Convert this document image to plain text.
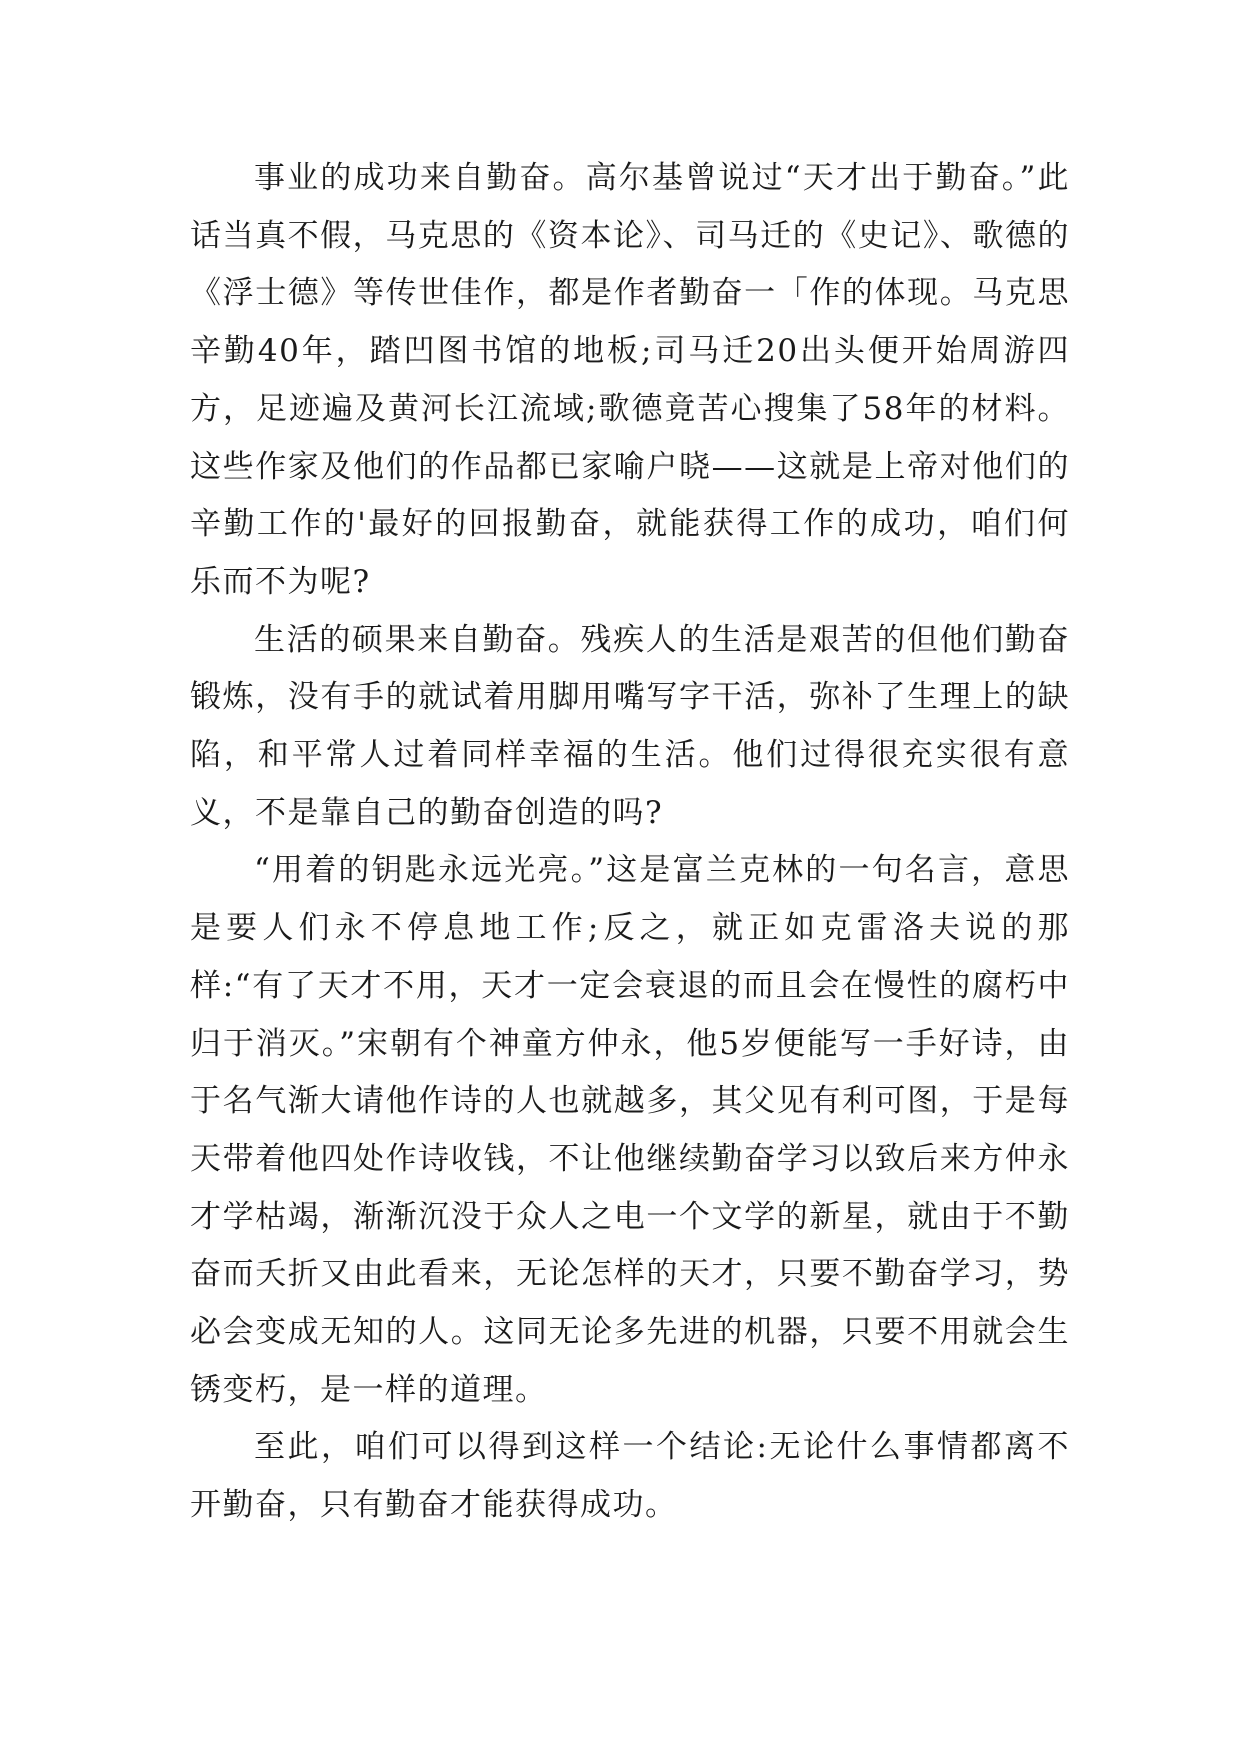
事业的成功来自勤奋。高尔基曾说过“天才出于勤奋。”此话当真不假，马克思的《资本论》、司马迁的《史记》、歌德的《浮士德》等传世佳作，都是作者勤奋一「作的体现。马克思辛勤40年，踏凹图书馆的地板;司马迁20出头便开始周游四方，足迹遍及黄河长江流域;歌德竟苦心搜集了58年的材料。这些作家及他们的作品都已家喻户晓——这就是上帝对他们的辛勤工作的'最好的回报勤奋，就能获得工作的成功，咱们何乐而不为呢?

生活的硕果来自勤奋。残疾人的生活是艰苦的但他们勤奋锻炼，没有手的就试着用脚用嘴写字干活，弥补了生理上的缺陷，和平常人过着同样幸福的生活。他们过得很充实很有意义，不是靠自己的勤奋创造的吗?

“用着的钥匙永远光亮。”这是富兰克林的一句名言，意思是要人们永不停息地工作;反之，就正如克雷洛夫说的那样:“有了天才不用，天才一定会衰退的而且会在慢性的腐朽中归于消灭。”宋朝有个神童方仲永，他5岁便能写一手好诗，由于名气渐大请他作诗的人也就越多，其父见有利可图，于是每天带着他四处作诗收钱，不让他继续勤奋学习以致后来方仲永才学枯竭，渐渐沉没于众人之电一个文学的新星，就由于不勤奋而夭折又由此看来，无论怎样的天才，只要不勤奋学习，势必会变成无知的人。这同无论多先进的机器，只要不用就会生锈变朽，是一样的道理。

至此，咱们可以得到这样一个结论:无论什么事情都离不开勤奋，只有勤奋才能获得成功。
